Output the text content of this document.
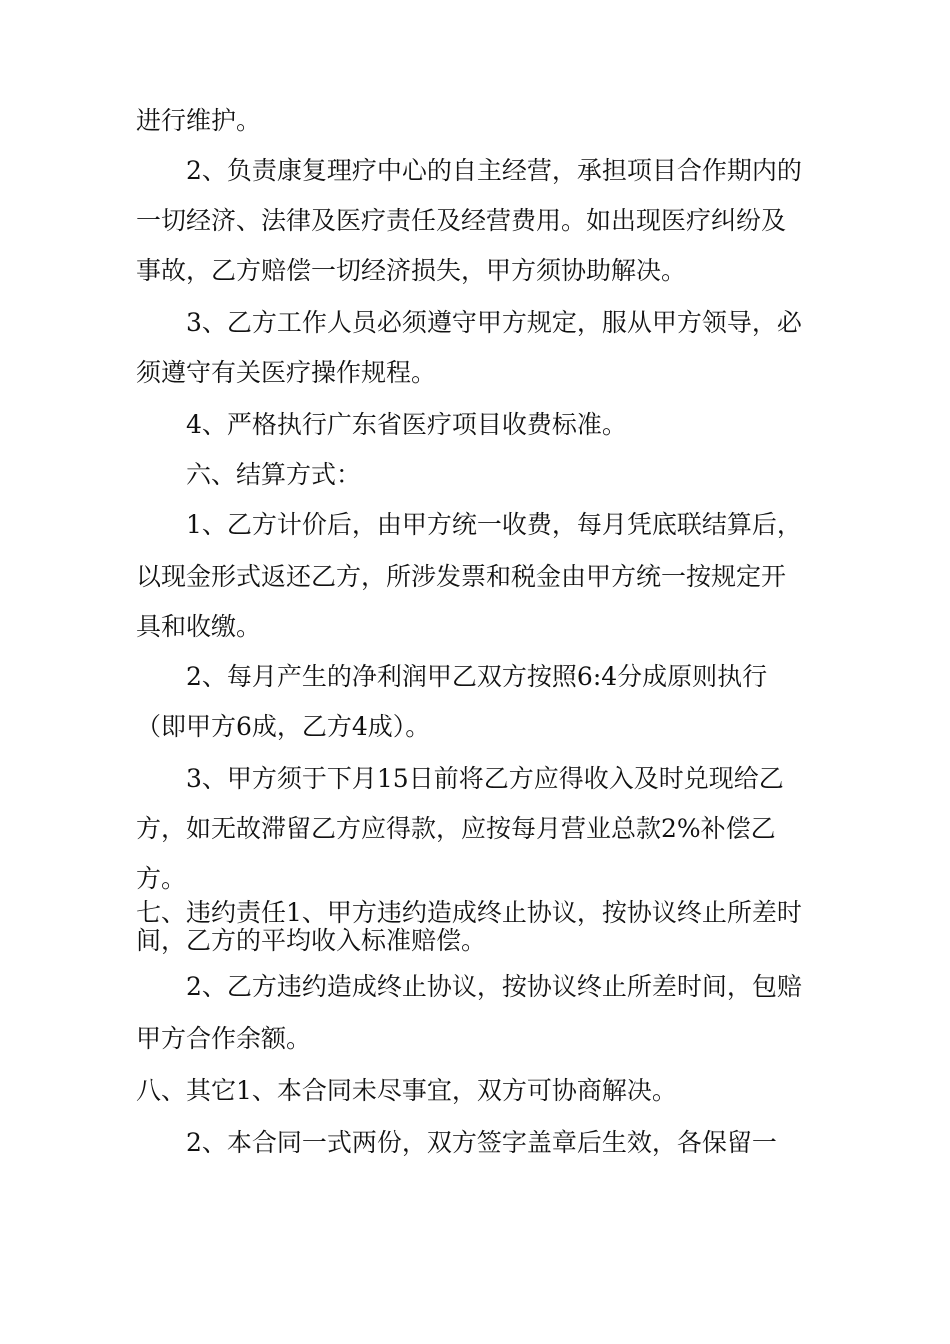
进行维护。
2、负责康复理疗中心的自主经营，承担项目合作期内的
一切经济、法律及医疗责任及经营费用。如出现医疗纠纷及
事故，乙方赔偿一切经济损失，甲方须协助解决。
3、乙方工作人员必须遵守甲方规定，服从甲方领导，必
须遵守有关医疗操作规程。
4、严格执行广东省医疗项目收费标准。
六、结算方式：
1、乙方计价后，由甲方统一收费，每月凭底联结算后，
以现金形式返还乙方，所涉发票和税金由甲方统一按规定开
具和收缴。
2、每月产生的净利润甲乙双方按照6:4分成原则执行
（即甲方6成，乙方4成）。
3、甲方须于下月15日前将乙方应得收入及时兑现给乙
方，如无故滞留乙方应得款，应按每月营业总款2%补偿乙
方。
七、违约责任1、甲方违约造成终止协议，按协议终止所差时
间，乙方的平均收入标准赔偿。
2、乙方违约造成终止协议，按协议终止所差时间，包赔
甲方合作余额。
八、其它1、本合同未尽事宜，双方可协商解决。
2、本合同一式两份，双方签字盖章后生效，各保留一
